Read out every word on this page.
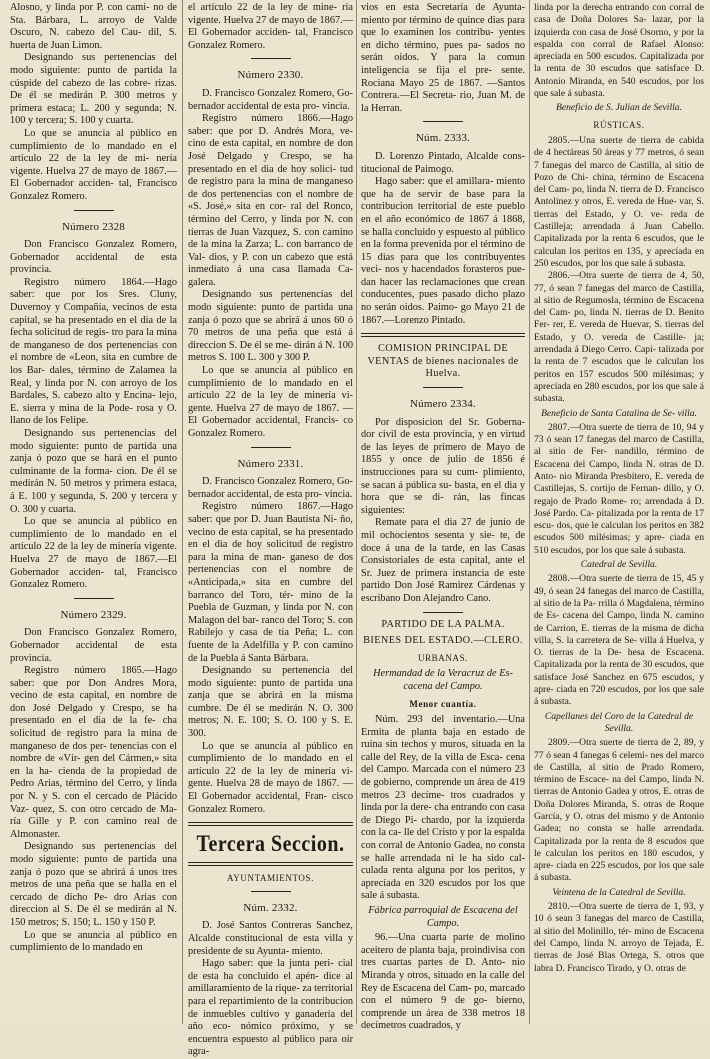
Alosno, y linda por P. con cami- no de Sta. Bárbara, L. arroyo de Valde Oscuro, N. cabezo del Cau- dil, S. huerta de Juan Limon.

Designando sus pertenencias del modo siguiente: punto de partida la cúspide del cabezo de las cobre- rizas. De él se medirán P. 300 metros y primera estaca; L. 200 y segunda; N. 100 y tercera; S. 100 y cuarta.

Lo que se anuncia al público en cumplimiento de lo mandado en el artículo 22 de la ley de mi- nería vigente. Huelva 27 de mayo de 1867.—El Gobernador acciden- tal, Francisco Gonzalez Romero.

Número 2328

Don Francisco Gonzalez Romero, Gobernador accidental de esta provincia.

Registro número 1864.—Hago saber: que por los Sres. Cluny, Duvernoy y Compañía, vecinos de esta capital, se ha presentado en el dia de la fecha solicitud de regis- tro para la mina de manganeso de dos pertenencias con el nombre de «Leon, sita en cumbre de los Bar- dales, término de Zalamea la Real, y linda por N. con arroyo de los Bardales, S. cabezo alto y Encina- lejo, E. sierra y mina de la Pode- rosa y O. llano de los Felipe.

Designando sus pertenencias del modo siguiente: punto de partida una zanja ó pozo que se hará en el punto culminante de la forma- cion. De él se medirán N. 50 metros y primera estaca, á E. 100 y segunda, S. 200 y tercera y O. 300 y cuarta.

Lo que se anuncia al público en cumplimiento de lo mandado en el artículo 22 de la ley de minería vigente. Huelva 27 de mayo de 1867.—El Gobernador acciden- tal, Francisco Gonzalez Romero.

Número 2329.

Don Francisco Gonzalez Romero, Gobernador accidental de esta provincia.

Registro número 1865.—Hago saber: que por Don Andres Mora, vecino de esta capital, en nombre de don José Delgado y Crespo, se ha presentado en el dia de la fe- cha solicitud de registro para la mina de manganeso de dos per- tenencias con el nombre de «Vír- gen del Cármen,» sita en la ha- cienda de la propiedad de Pedro Arias, término del Cerro, y linda por N. y S. con el cercado de Plácido Vaz- quez, S. con otro cercado de Ma- ría Gille y P. con camino real de Almonaster.

Designando sus pertenencias del modo siguiente: punto de partida una zanja ó pozo que se abrirá á unos tres metros de una peña que se halla en el cercado de dicho Pe- dro Arias con direccion al S. De él se medirán al N. 150 metros; S. 150; L. 150 y 150 P.

Lo que se anuncia al público en cumplimiento de lo mandado en

el artículo 22 de la ley de mine- ría vigente. Huelva 27 de mayo de 1867.—El Gobernador acciden- tal, Francisco Gonzalez Romero.

Número 2330.

D. Francisco Gonzalez Romero, Go- bernador accidental de esta pro- vincia.

Registro número 1866.—Hago saber: que por D. Andrés Mora, ve- cino de esta capital, en nombre de don José Delgado y Crespo, se ha presentado en el dia de hoy solici- tud de registro para la mina de manganeso de dos pertenencias con el nombre de «S. José,» sita en cor- ral del Ronco, término del Cerro, y linda por N. con tierras de Juan Vazquez, S. con camino de la mina la Zarza; L. con barranco de Val- dios, y P. con un cabezo que está inmediato á una casa llamada Ca- galera.

Designando sus pertenencias del modo siguiente: punto de partida una zanja ó pozo que se abrirá á unos 60 ó 70 metros de una peña que está á direccion S. De él se me- dirán á N. 100 metros S. 100 L. 300 y 300 P.

Lo que se anuncia al público en cumplimiento de lo mandado en el artículo 22 de la ley de minería vi- gente. Huelva 27 de mayo de 1867. —El Gobernador accidental, Francis- co Gonzalez Romero.

Número 2331.

D. Francisco Gonzalez Romero, Go- bernador accidental, de esta pro- vincia.

Registro número 1867.—Hago saber: que por D. Juan Bautista Ni- ño, vecino de esta capital, se ha presentado en el dia de hoy solicitud de registro para la mina de man- ganeso de dos pertenencias con el nombre de «Anticipada,» sita en cumbre del barranco del Toro, tér- mino de la Puebla de Guzman, y linda por N. con Malagon del bar- ranco del Toro; S. con Rabilejo y casa de tia Peña; L. con fuente de la Adelfilla y P. con camino de la Puebla á Santa Bárbara.

Designando su pertenencia del modo siguiente: punto de partida una zanja que se abrirá en la misma cumbre. De él se medirán N. O. 300 metros; N. E. 100; S. O. 100 y S. E. 300.

Lo que se anuncia al público en cumplimiento de lo mandado en el artículo 22 de la ley de minería vi- gente. Huelva 28 de mayo de 1867. —El Gobernador accidental, Fran- cisco Gonzalez Romero.

Tercera Seccion.
AYUNTAMIENTOS.
Núm. 2332.

D. José Santos Contreras Sanchez, Alcalde constitucional de esta villa y presidente de su Ayunta- miento.

Hago saber: que la junta peri- cial de esta ha concluido el apén- dice al amillaramiento de la rique- za territorial para el repartimiento de la contribucion de inmuebles cultivo y ganadería del año eco- nómico próximo, y se encuentra espuesto al público para oir agra-

vios en esta Secretaría de Ayunta- miento por término de quince dias para que lo examinen los contribu- yentes en dicho término, pues pa- sados no serán oidos. Y para la comun inteligencia se fija el pre- sente. Rociana Mayo 25 de 1867. —Santos Contrera.—El Secreta- rio, Juan M. de la Herran.

Núm. 2333.

D. Lorenzo Pintado, Alcalde cons- titucional de Paimogo.

Hago saber: que el amillara- miento que ha de servir de base para la contribucion territorial de este pueblo en el año económico de 1867 á 1868, se halla concluido y espuesto al público en la forma prevenida por el término de 15 dias para que los contribuyentes veci- nos y hacendados forasteros pue- dan hacer las reclamaciones que crean conducentes, pues pasado dicho plazo no serán oidos. Paimo- go Mayo 21 de 1867.—Lorenzo Pintado.

COMISION PRINCIPAL DE VENTAS de bienes nacionales de Huelva.
Número 2334.

Por disposicion del Sr. Goberna- dor civil de esta provincia, y en virtud de las leyes de primero de Mayo de 1855 y once de julio de 1856 é instrucciones para su cum- plimiento, se sacan á pública su- basta, en el dia y hora que se di- rán, las fincas siguientes:

Remate para el dia 27 de junio de mil ochocientos sesenta y sie- te, de doce á una de la tarde, en las Casas Consistoriales de esta capital, ante el Sr. Juez de primera instancia de este partido Don José Ramirez Cárdenas y escribano Don Alejandro Cano.

PARTIDO DE LA PALMA.
BIENES DEL ESTADO.—CLERO.
URBANAS.
Hermandad de la Veracruz de Es- cacena del Campo.
Menor cuantía.

Núm. 293 del inventario.—Una Ermita de planta baja en estado de ruina sin techos y muros, situada en la calle del Rey, de la villa de Esca- cena del Campo. Marcada con el número 23 de gobierno, comprende un área de 419 metros 23 decíme- tros cuadrados y linda por la dere- cha entrando con casa de Diego Pi- chardo, por la izquierda con la ca- lle del Cristo y por la espalda con corral de Antonio Gadea, no consta se halle arrendada ni le ha sido cal- culada renta alguna por los peritos, y aprecíada en 320 escudos por los que sale á subasta.

Fábrica parroquial de Escacena del Campo.

96.—Una cuarta parte de molino aceitero de planta baja, proindivisa con tres cuartas partes de D. Anto- nio Miranda y otros, situado en la calle del Rey de Escacena del Cam- po, marcado con el número 9 de go- bierno, comprende un área de 338 metros 18 decímetros cuadrados, y

linda por la derecha entrando con corral de casa de Doña Dolores Sa- lazar, por la izquierda con casa de José Osorno, y por la espalda con corral de Rafael Alonso: aprecíada en 500 escudos. Capitalizada por la renta de 30 escudos que satisface D. Antonio Miranda, en 540 escudos, por los que sale á subasta.

Beneficio de S. Julian de Sevilla.
RÚSTICAS.

2805.—Una suerte de tierra de cabida de 4 hectáreas 50 áreas y 77 metros, ó sean 7 fanegas del marco de Castilla, al sitio de Pozo de Chi- china, término de Escacena del Cam- po, linda N. tierra de D. Francisco Antolinez y otros, E. vereda de Hue- var, S. tierras del Estado, y O. ve- reda de Castilleja; arrendada á Juan Cabello. Capitalizada por la renta 6 escudos, que le calculan los peritos en 135, y aprecíada en 250 escudos, por los que sale á subasta.

2806.—Otra suerte de tierra de 4, 50, 77, ó sean 7 fanegas del marco de Castilla, al sitio de Regumosla, término de Escacena del Cam- po, linda N. tierras de D. Benito Fer- rer, E. vereda de Huevar, S. tierras del Estado, y O. vereda de Castille- ja; arrendada á Diego Cerro. Capi- talizada por la renta de 7 escudos que le calculan los peritos en 157 escudos 500 milésimas; y aprecíada en 280 escudos, por los que sale á subasta.

Beneficio de Santa Catalina de Se- villa.

2807.—Otra suerte de tierra de 10, 94 y 73 ó sean 17 fanegas del marco de Castilla, al sitio de Fer- nandillo, término de Escacena del Campo, linda N. otras de D. Anto- nio Miranda Presbítero, E. vereda de Castillejas, S. cortijo de Fernan- dillo, y O. regajo de Prado Rome- ro; arrendada á D. José Pardo. Ca- pitalizada por la renta de 17 escu- dos, que le calculan los peritos en 382 escudos 500 milésimas; y apre- ciada en 510 escudos, por los que sale á subasta.

Catedral de Sevilla.

2808.—Otra suerte de tierra de 15, 45 y 49, ó sean 24 fanegas del marco de Castilla, al sitio de la Pa- rrilla ó Magdalena, término de Es- cacena del Campo, linda N. camino de Carrion, E. tierras de la misma de dicha villa, S. la carretera de Se- villa á Huelva, y O. tierras de la De- hesa de Escacena. Capitalizada por la renta de 30 escudos, que satisface José Sanchez en 675 escudos, y apre- ciada en 720 escudos, por los que sale á subasta.

Capellanes del Coro de la Catedral de Sevilla.

2809.—Otra suerte de tierra de 2, 89, y 77 ó sean 4 fanegas 6 celemi- nes del marco de Castilla, al sitio de Prado Romero, término de Escace- na del Campo, linda N. tierras de Antonio Gadea y otros, E. otras de Doña Dolores Miranda, S. otras de Roque García, y O. otras del mismo y de Antonio Gadea; no consta se halle arrendada. Capitalizada por la renta de 8 escudos que le calculan los peritos en 180 escudos, y apre- ciada en 225 escudos, por los que sale á subasta.

Veintena de la Catedral de Sevilla.

2810.—Otra suerte de tierra de 1, 93, y 10 ó sean 3 fanegas del marco de Castilla, al sitio del Molinillo, tér- mino de Escacena del Campo, linda N. arroyo de Tejada, E. tierras de José Blas Ortega, S. otros que labra D. Francisco Tirado, y O. otras de
